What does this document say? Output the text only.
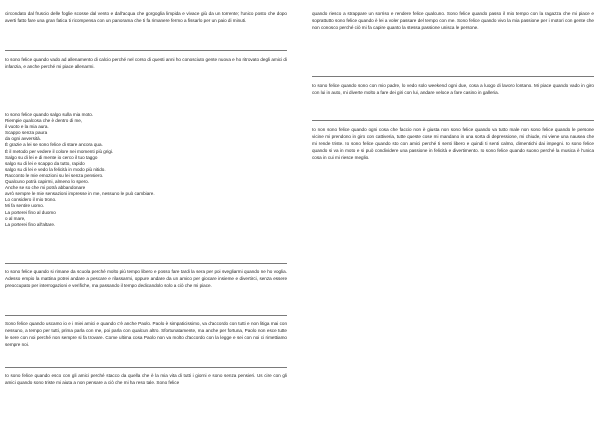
circondato dal fruscio delle foglie scosse dal vento e dall'acqua che gorgoglia limpida e vivace giù da un torrente; l'unico posto che dopo averti fatto fare una gran fatica ti ricompensa con un panorama che ti fa rimanere fermo a fissarlo per un paio di minuti.
Io sono felice quando vado ad allenamento di calcio perché nel corso di questi anni ho conosciuto gente nuova e ho ritrovato degli amici di infanzia, e anche perché mi piace allenarmi.
Io sono felice quando salgo sulla mia moto.
Riempie qualcosa che è dentro di me,
il vuoto e la mia aura.
Scappo senza paura
da ogni avversità.
È grazie a lei se sono felice di stare ancora qua.
È il metodo per vedere il colore nei momenti più grigi.
Salgo su di lei e di mente io cerco il tuo taggo
salgo su di lei e scappo da tutto, rapido
salgo su di lei e vedo la felicità in modo più nitido.
Racconto le mie emozioni su lei senza pensiero.
Qualcuno potrà capirmi, almeno lo spero.
Anche se so che mi potrà abbandonare
avrò sempre le mie sensazioni impresse in me, nessuno le può cambiare.
Lo considero il mio trono.
Mi fa sentire uomo.
La porterei fino al duomo
o al mare,
La porterei fino all'altare.
Io sono felice quando si rimane da scuola perché molto più tempo libero e posso fare tardi la sera per poi svegliarmi quando ne ho voglia. Adesso empio la mattina potrei andare a pescare e rilassarmi, oppure andare da un amico per giocare insieme e divertirci, senza essere preoccupato per interrogazioni e verifiche, ma passando il tempo dedicandolo solo a ciò che mi piace.
Sono felice quando uscamo io e i miei amici e quando c'è anche Paolo. Paolo è simpaticissimo, va d'accordo con tutti e non litiga mai con nessuno, a tempo per tutti, prima parla con me, poi parla con qualcun altro. Sfortunatamente, ma anche per fortuna, Paolo non esce tutte le sere con noi perché non sempre si fa trovare. Come ultima cosa Paolo non va molto d'accordo con la legge e sei con noi ci rimettiamo sempre noi.
Io sono felice quando esco con gli amici perché stacco da quella che è la mia vita di tutti i giorni e sono senza pensieri. Us cire con gli amici quando sono triste mi aiuta a non pensare a ciò che mi ha reso tale. Sono felice
quando riesco a strappare un sorriso e rendere felice qualcuno. Sono felice quando passo il mio tempo con la ragazza che mi piace e soprattutto sono felice quando è lei a voler passare del tempo con me. Sono felice quando vivo la mia passione per i motori con gente che non conosco perché ciò mi fa capire quanto la stessa passione unisca le persone.
Io sono felice quando sono con mio padre, lo vedo solo weekend ogni due, cosa a luogo di lavoro lontano. Mi piace quando vado in giro con lui in auto, mi diverte molto a fare dei giri con lui, andare veloce a fare casino in galleria.
Io non sono felice quando ogni cosa che faccio non è giusta non sono felice quando va tutto male non sono felice quando le persone vicine mi prendono in giro con cattiveria, tutte queste cose mi mandano in una sorta di depressione, mi chiude, mi viene una nausea che mi rende triste. Io sono felice quando sto con amici perché ti senti libero e quindi ti senti calmo, dimentichi dai impegni. Io sono felice quando si va in moto e si può condividere una passione in felicità e divertimento. Io sono felice quando suono perché la musica è l'unica cosa in cui mi riesce meglio.
